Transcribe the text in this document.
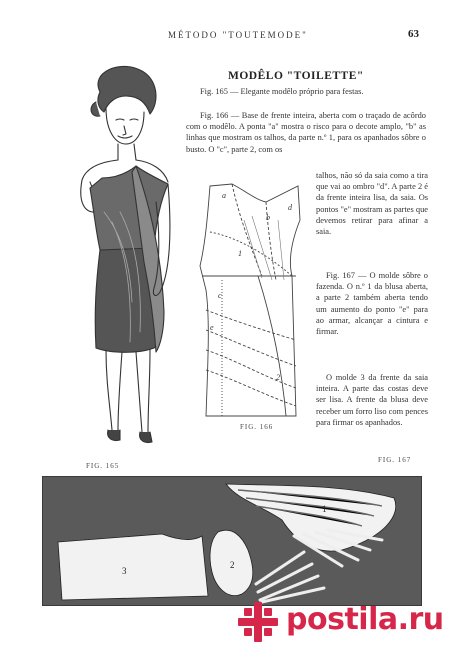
MÉTODO "TOUTEMODE"	63
MODÊLO "TOILETTE"

Fig. 165 — Elegante modêlo próprio para festas.

Fig. 166 — Base de frente inteira, aberta com o traçado de acôrdo com o modêlo. A ponta "a" mostra o risco para o decote amplo, "b" as linhas que mostram os talhos, da parte n.º 1, para os apanhados sôbre o busto. O "c", parte 2, com os

talhos, não só da saia como a tira que vai ao ombro "d". A parte 2 é da frente inteira lisa, da saia. Os pontos "e" mostram as partes que devemos retirar para afinar a saia.

Fig. 167 — O molde sôbre o fazenda. O n.º 1 da blusa aberta, a parte 2 também aberta tendo um aumento do ponto "e" para ao armar, alcançar a cintura e firmar.

O molde 3 da frente da saia inteira. A parte das costas deve ser lisa. A frente da blusa deve receber um forro liso com pences para firmar os apanhados.

FIG. 165
a
b
c
d
e
1
2
FIG. 166
FIG. 167
3
2
1
postila.ru
